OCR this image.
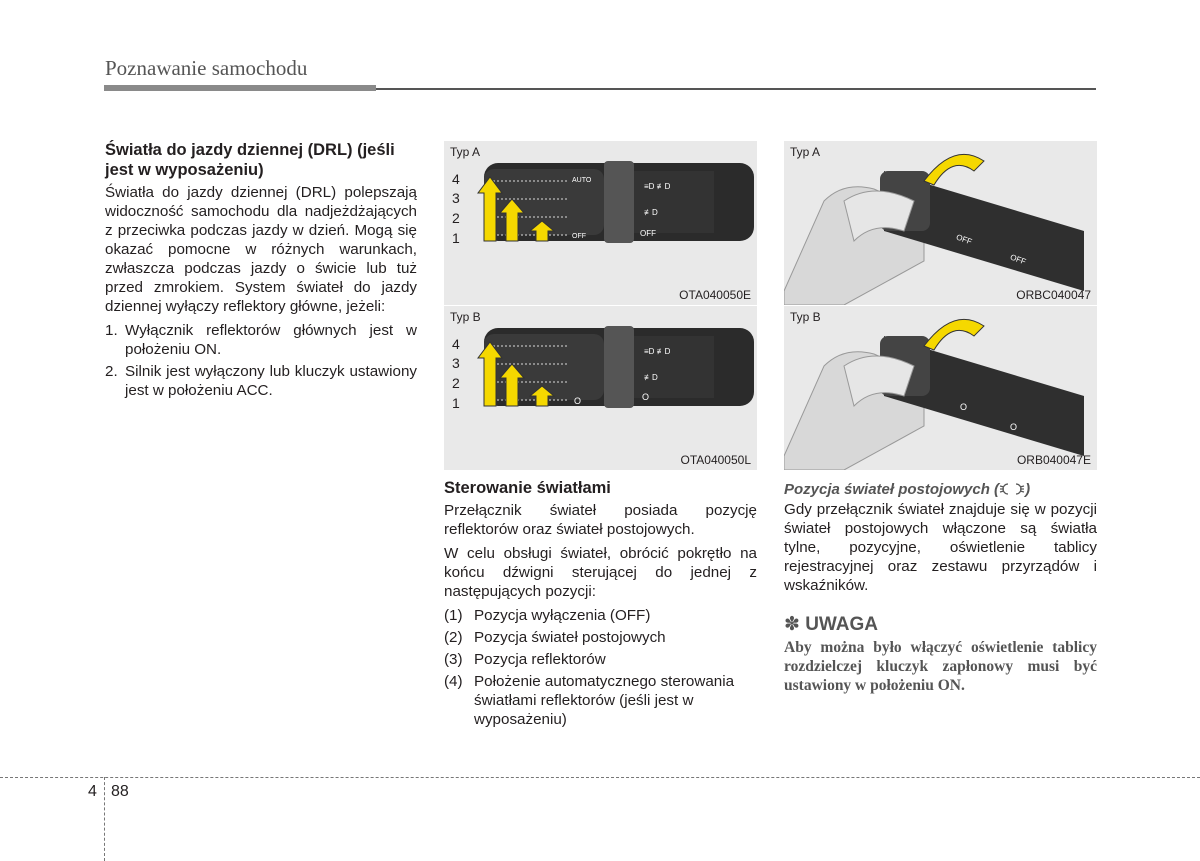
Poznawanie samochodu
Światła do jazdy dziennej (DRL) (jeśli jest w wyposażeniu)
Światła do jazdy dziennej (DRL) polepszają widoczność samochodu dla nadjeżdżających z przeciwka podczas jazdy w dzień. Mogą się okazać pomocne w różnych warunkach, zwłaszcza podczas jazdy o świcie lub tuż przed zmrokiem. System świateł do jazdy dziennej wyłączy reflektory główne, jeżeli:
1. Wyłącznik reflektorów głównych jest w położeniu ON.
2. Silnik jest wyłączony lub kluczyk ustawiony jest w położeniu ACC.
≡D ≢D
≢D
Typ A
4
3
2
1
AUTO
OFF	OFF
OTA040050E
≡D ≢D
≢D
Typ B
4
3
2
1	O	O
OTA040050L
Typ A
OFF
OFF
ORBC040047
Typ B
O
O
ORB040047E
Sterowanie światłami
Przełącznik świateł posiada pozycję reflektorów oraz świateł postojowych.
W celu obsługi świateł, obrócić pokrętło na końcu dźwigni sterującej do jednej z następujących pozycji:
(1) Pozycja wyłączenia (OFF)
(2) Pozycja świateł postojowych
(3) Pozycja reflektorów
(4) Położenie automatycznego sterowania światłami reflektorów (jeśli jest w wyposażeniu)
Pozycja świateł postojowych ( )
Gdy przełącznik świateł znajduje się w pozycji świateł postojowych włączone są światła tylne, pozycyjne, oświetlenie tablicy rejestracyjnej oraz zestawu przyrządów i wskaźników.
✽ UWAGA
Aby można było włączyć oświetlenie tablicy rozdzielczej kluczyk zapłonowy musi być ustawiony w położeniu ON.
4 88
